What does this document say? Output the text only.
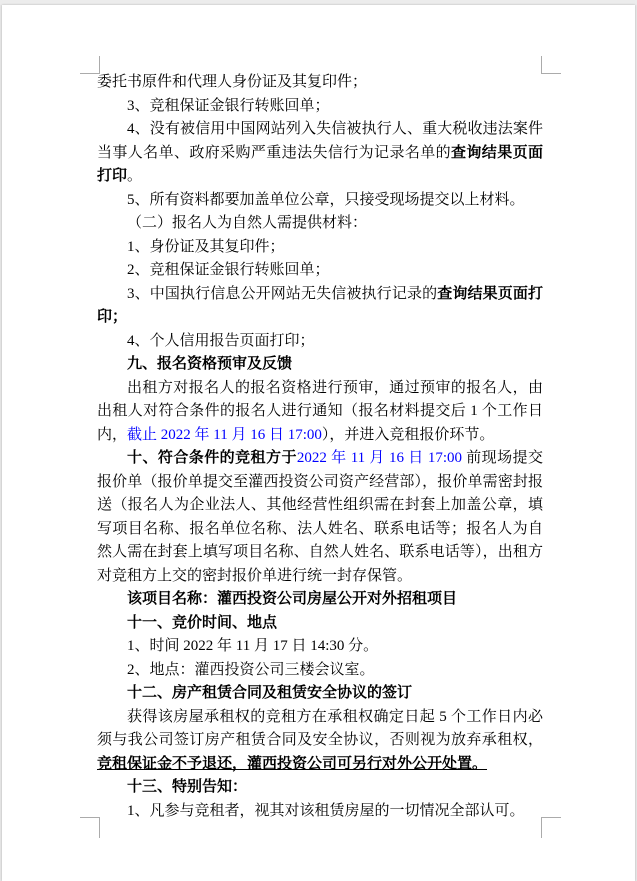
委托书原件和代理人身份证及其复印件；

3、竞租保证金银行转账回单；

4、没有被信用中国网站列入失信被执行人、重大税收违法案件当事人名单、政府采购严重违法失信行为记录名单的查询结果页面打印。

5、所有资料都要加盖单位公章，只接受现场提交以上材料。

（二）报名人为自然人需提供材料：

1、身份证及其复印件；

2、竞租保证金银行转账回单；

3、中国执行信息公开网站无失信被执行记录的查询结果页面打印；

4、个人信用报告页面打印；

九、报名资格预审及反馈

出租方对报名人的报名资格进行预审，通过预审的报名人，由出租人对符合条件的报名人进行通知（报名材料提交后 1 个工作日内，截止 2022 年 11 月 16 日 17:00），并进入竞租报价环节。

十、符合条件的竞租方于2022 年 11 月 16 日 17:00 前现场提交报价单（报价单提交至灌西投资公司资产经营部），报价单需密封报送（报名人为企业法人、其他经营性组织需在封套上加盖公章，填写项目名称、报名单位名称、法人姓名、联系电话等；报名人为自然人需在封套上填写项目名称、自然人姓名、联系电话等），出租方对竞租方上交的密封报价单进行统一封存保管。

该项目名称：灌西投资公司房屋公开对外招租项目

十一、竞价时间、地点

1、时间 2022 年 11 月 17 日 14:30 分。

2、地点：灌西投资公司三楼会议室。

十二、房产租赁合同及租赁安全协议的签订

获得该房屋承租权的竞租方在承租权确定日起 5 个工作日内必须与我公司签订房产租赁合同及安全协议，否则视为放弃承租权，竞租保证金不予退还，灌西投资公司可另行对外公开处置。

十三、特别告知：

1、凡参与竞租者，视其对该租赁房屋的一切情况全部认可。
